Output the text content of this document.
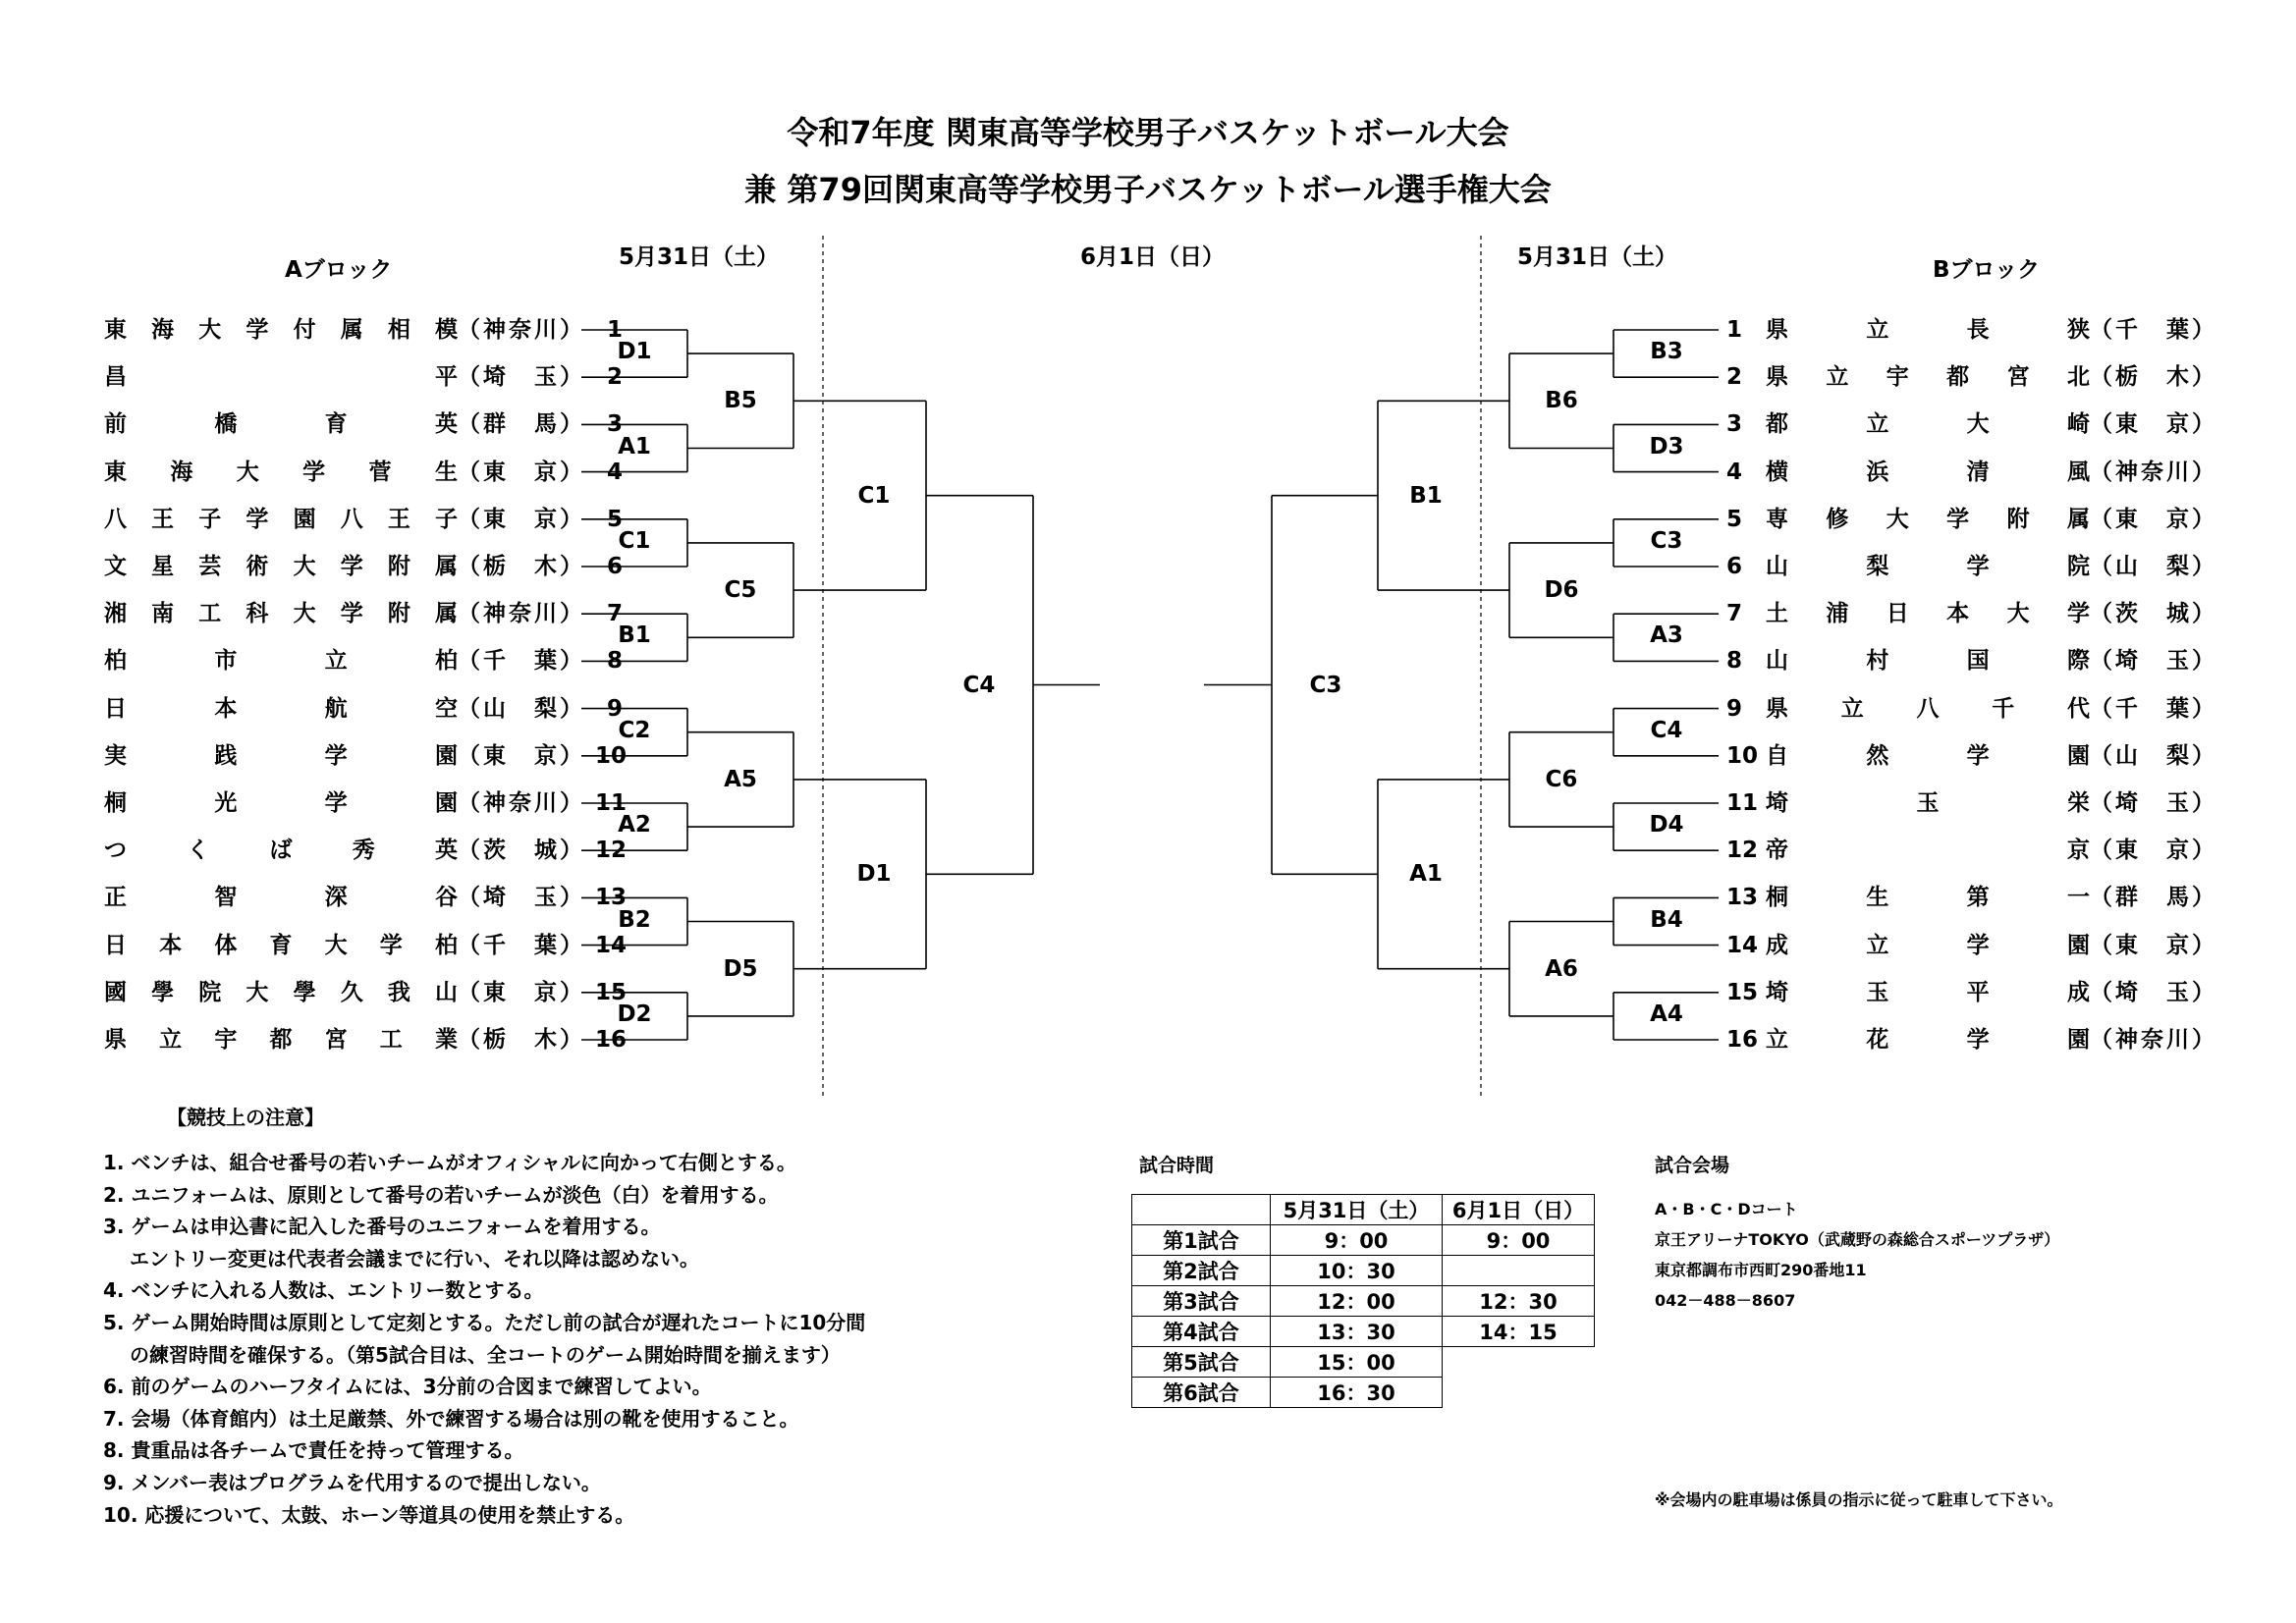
令和7年度 関東高等学校男子バスケットボール大会
兼 第79回関東高等学校男子バスケットボール選手権大会
Aブロック	Bブロック
5月31日（土）	6月1日（日）	5月31日（土）
東 海 大 学 付 属 相 模 （神奈川） 1
昌	平 （埼　玉） 2
前	橋	育	英 （群　馬） 3
東 海 大 学 菅 生 （東　京） 4
八 王 子 学 園 八 王 子 （東　京） 5
文 星 芸 術 大 学 附 属 （栃　木） 6
湘 南 工 科 大 学 附 属 （神奈川） 7
柏	市	立	柏 （千　葉） 8
日	本	航	空 （山　梨） 9
実	践	学	園 （東　京） 10
桐	光	学	園 （神奈川） 11
つ	く	ば	秀	英 （茨　城） 12
正	智	深	谷 （埼　玉） 13
日 本 体 育 大 学 柏 （千　葉） 14
國 學 院 大 學 久 我 山 （東　京） 15
県 立 宇 都 宮 工 業 （栃　木） 16
1	県	立	長	狭 （千　葉）
2	県 立 宇 都 宮 北 （栃　木）
3	都	立	大	崎 （東　京）
4	横	浜	清	風 （神奈川）
5	専 修 大 学 附 属 （東　京）
6	山	梨	学	院 （山　梨）
7	土 浦 日 本 大 学 （茨　城）
8	山	村	国	際 （埼　玉）
9	県 立 八 千 代 （千　葉）
10 自	然	学	園 （山　梨）
11 埼	玉	栄 （埼　玉）
12 帝	京 （東　京）
13 桐	生	第	一 （群　馬）
14 成	立	学	園 （東　京）
15 埼	玉	平	成 （埼　玉）
16 立	花	学	園 （神奈川）
D1
A1
C1
B1
C2
A2
B2
D2
B5
C5
A5
D5
C1
D1
C4
B3
D3
C3
A3
C4
D4
B4
A4
B6
D6
C6
A6
B1
A1
C3
【競技上の注意】
1. ベンチは、組合せ番号の若いチームがオフィシャルに向かって右側とする。
2. ユニフォームは、原則として番号の若いチームが淡色（白）を着用する。
3. ゲームは申込書に記入した番号のユニフォームを着用する。
　 エントリー変更は代表者会議までに行い、それ以降は認めない。
4. ベンチに入れる人数は、エントリー数とする。
5. ゲーム開始時間は原則として定刻とする。ただし前の試合が遅れたコートに10分間
　 の練習時間を確保する。（第5試合目は、全コートのゲーム開始時間を揃えます）
6. 前のゲームのハーフタイムには、3分前の合図まで練習してよい。
7. 会場（体育館内）は土足厳禁、外で練習する場合は別の靴を使用すること。
8. 貴重品は各チームで責任を持って管理する。
9. メンバー表はプログラムを代用するので提出しない。
10. 応援について、太鼓、ホーン等道具の使用を禁止する。
試合時間
	5月31日（土）	6月1日（日）
第1試合	9：00	9：00
第2試合	10：30	
第3試合	12：00	12：30
第4試合	13：30	14：15
第5試合	15：00	
第6試合	16：30	
試合会場
A・B・C・Dコート
京王アリーナTOKYO（武蔵野の森総合スポーツプラザ）
東京都調布市西町290番地11
042－488－8607
※会場内の駐車場は係員の指示に従って駐車して下さい。
